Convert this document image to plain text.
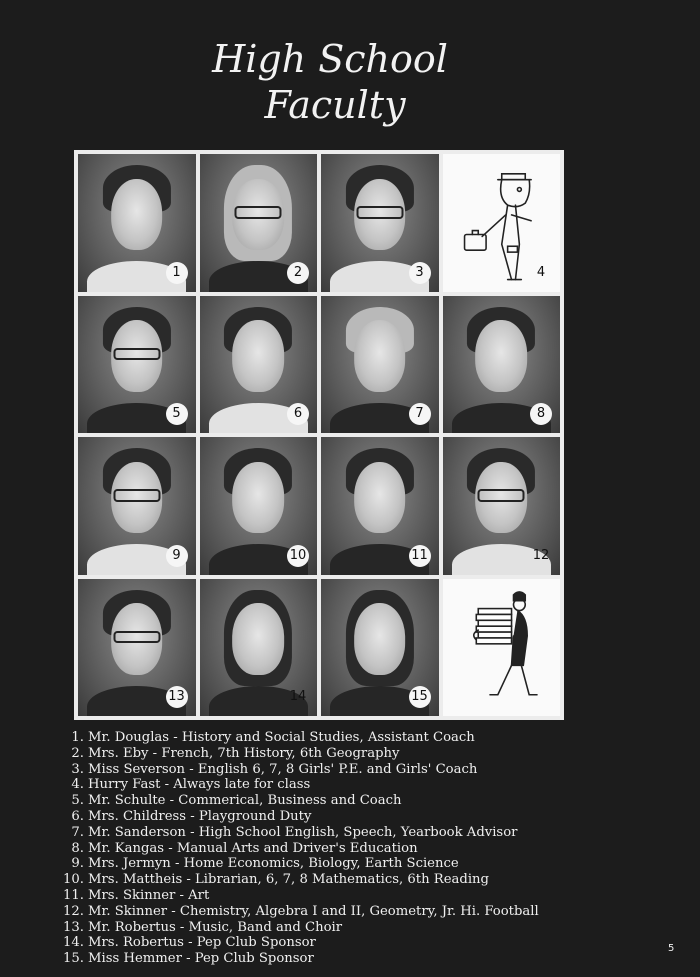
High School
Faculty
1	2	3	4
5	6	7	8
9	10	11	12
13	14	15
1. Mr. Douglas - History and Social Studies, Assistant Coach
2. Mrs. Eby - French, 7th History, 6th Geography
3. Miss Severson - English 6, 7, 8 Girls' P.E. and Girls' Coach
4. Hurry Fast - Always late for class
5. Mr. Schulte - Commerical, Business and Coach
6. Mrs. Childress - Playground Duty
7. Mr. Sanderson - High School English, Speech, Yearbook Advisor
8. Mr. Kangas - Manual Arts and Driver's Education
9. Mrs. Jermyn - Home Economics, Biology, Earth Science
10. Mrs. Mattheis - Librarian, 6, 7, 8 Mathematics, 6th Reading
11. Mrs. Skinner - Art
12. Mr. Skinner - Chemistry, Algebra I and II, Geometry, Jr. Hi. Football
13. Mr. Robertus - Music, Band and Choir
14. Mrs. Robertus - Pep Club Sponsor
15. Miss Hemmer - Pep Club Sponsor
5
